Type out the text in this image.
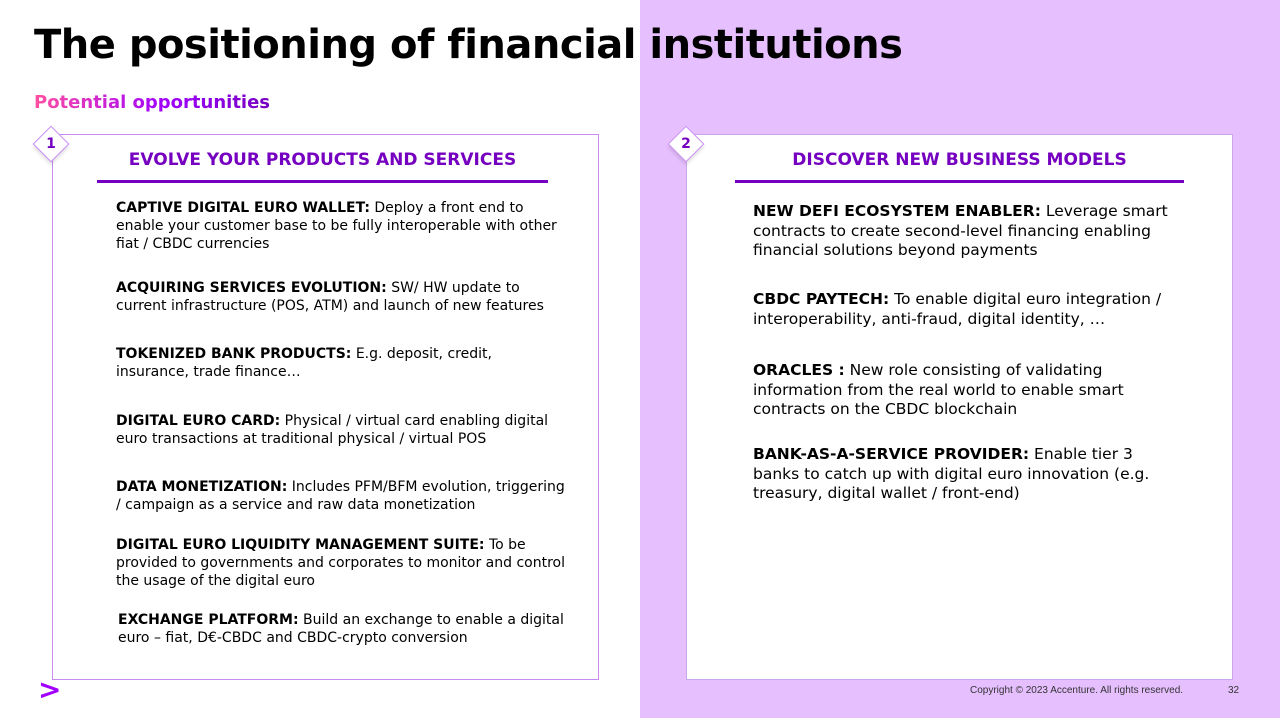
The positioning of financial institutions
Potential opportunities
1
EVOLVE YOUR PRODUCTS AND SERVICES
CAPTIVE DIGITAL EURO WALLET: Deploy a front end to enable your customer base to be fully interoperable with other fiat / CBDC currencies
ACQUIRING SERVICES EVOLUTION: SW/ HW update to current infrastructure (POS, ATM) and launch of new features
TOKENIZED BANK PRODUCTS: E.g. deposit, credit, insurance, trade finance…
DIGITAL EURO CARD: Physical / virtual card enabling digital euro transactions at traditional physical / virtual POS
DATA MONETIZATION: Includes PFM/BFM evolution, triggering / campaign as a service and raw data monetization
DIGITAL EURO LIQUIDITY MANAGEMENT SUITE: To be provided to governments and corporates to monitor and control the usage of the digital euro
EXCHANGE PLATFORM: Build an exchange to enable a digital euro – fiat, D€-CBDC and CBDC-crypto conversion
2
DISCOVER NEW BUSINESS MODELS
NEW DEFI ECOSYSTEM ENABLER: Leverage smart contracts to create second-level financing enabling financial solutions beyond payments
CBDC PAYTECH: To enable digital euro integration / interoperability, anti-fraud, digital identity, …
ORACLES : New role consisting of validating information from the real world to enable smart contracts on the CBDC blockchain
BANK-AS-A-SERVICE PROVIDER: Enable tier 3 banks to catch up with digital euro innovation (e.g. treasury, digital wallet / front-end)
>	Copyright © 2023 Accenture. All rights reserved.	32
